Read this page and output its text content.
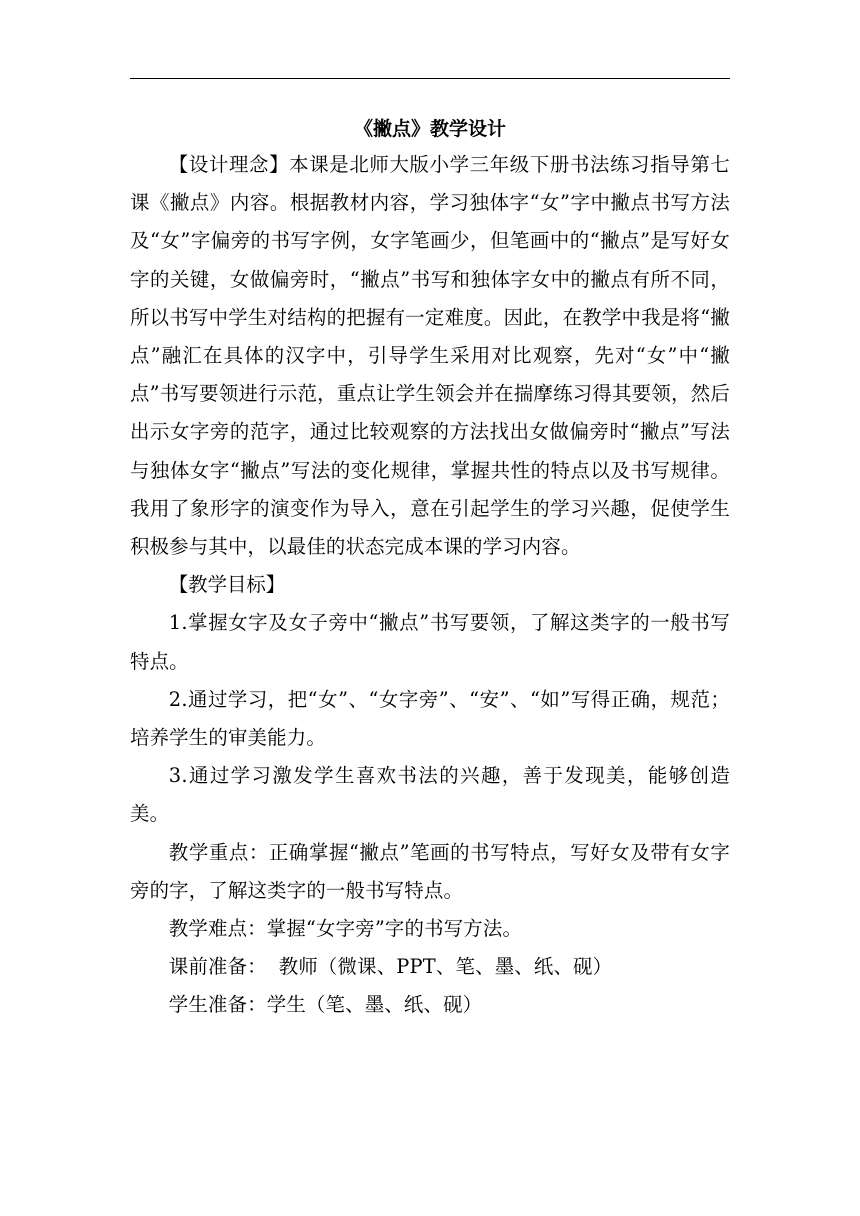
《撇点》教学设计

【设计理念】本课是北师大版小学三年级下册书法练习指导第七课《撇点》内容。根据教材内容，学习独体字“女”字中撇点书写方法及“女”字偏旁的书写字例，女字笔画少，但笔画中的“撇点”是写好女字的关键，女做偏旁时，“撇点”书写和独体字女中的撇点有所不同，所以书写中学生对结构的把握有一定难度。因此，在教学中我是将“撇点”融汇在具体的汉字中，引导学生采用对比观察，先对“女”中“撇点”书写要领进行示范，重点让学生领会并在揣摩练习得其要领，然后出示女字旁的范字，通过比较观察的方法找出女做偏旁时“撇点”写法与独体女字“撇点”写法的变化规律，掌握共性的特点以及书写规律。我用了象形字的演变作为导入，意在引起学生的学习兴趣，促使学生积极参与其中，以最佳的状态完成本课的学习内容。

【教学目标】

1.掌握女字及女子旁中“撇点”书写要领，了解这类字的一般书写特点。

2.通过学习，把“女”、“女字旁”、“安”、“如”写得正确，规范；培养学生的审美能力。

3.通过学习激发学生喜欢书法的兴趣，善于发现美，能够创造美。

教学重点：正确掌握“撇点”笔画的书写特点，写好女及带有女字旁的字，了解这类字的一般书写特点。

教学难点：掌握“女字旁”字的书写方法。

课前准备： 教师（微课、PPT、笔、墨、纸、砚）

学生准备：学生（笔、墨、纸、砚）
